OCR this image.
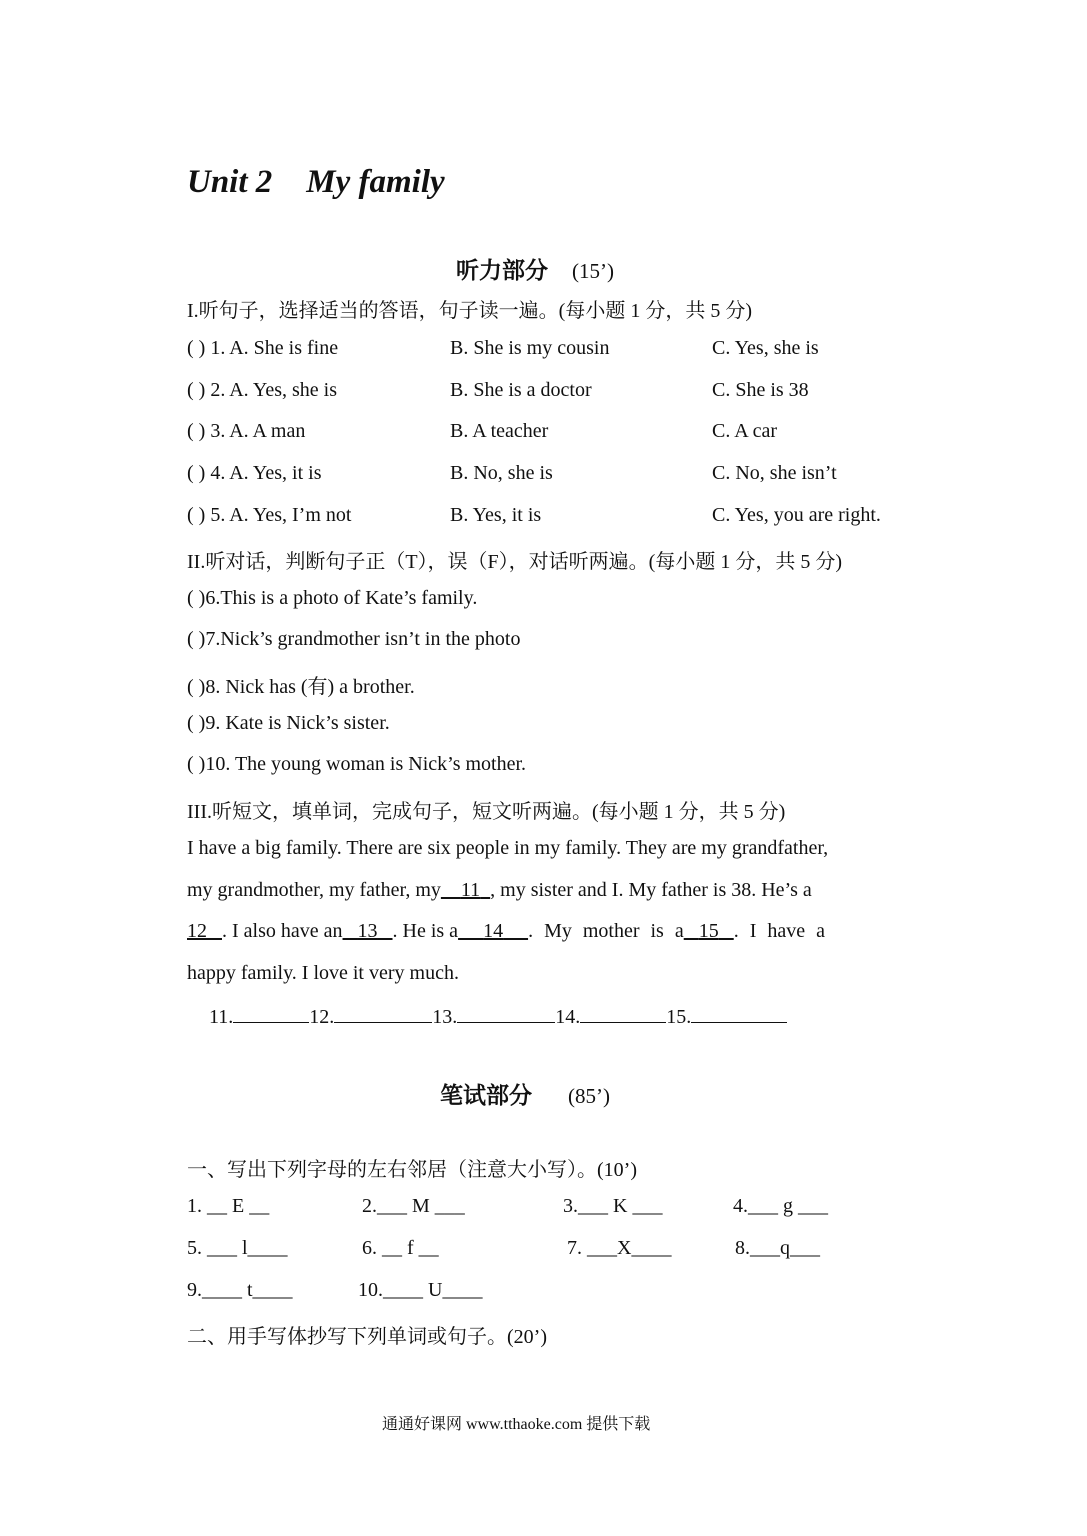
Unit 2 My family
听力部分 (15’)
I.听句子，选择适当的答语，句子读一遍。(每小题 1 分，共 5 分)
( ) 1. A. She is fine	B. She is my cousin	C. Yes, she is
( ) 2. A. Yes, she is	B. She is a doctor	C. She is 38
( ) 3. A. A man	B. A teacher	C. A car
( ) 4. A. Yes, it is	B. No, she is	C. No, she isn’t
( ) 5. A. Yes, I’m not	B. Yes, it is	C. Yes, you are right.
II.听对话，判断句子正（T），误（F），对话听两遍。(每小题 1 分，共 5 分)
( )6.This is a photo of Kate’s family.
( )7.Nick’s grandmother isn’t in the photo
( )8. Nick has (有) a brother.
( )9. Kate is Nick’s sister.
( )10. The young woman is Nick’s mother.
III.听短文，填单词，完成句子，短文听两遍。(每小题 1 分，共 5 分)
I have a big family. There are six people in my family. They are my grandfather,
my grandmother, my father, my 11 , my sister and I. My father is 38. He’s a
12 . I also have an 13 . He is a 14 . My mother is a 15 . I have a
happy family. I love it very much.
11.	12.	13.	14.	15.
笔试部分 (85’)
一、写出下列字母的左右邻居（注意大小写）。(10’)
1. __ E __	2.___ M ___	3.___ K ___	4.___ g ___
5. ___ l____	6. __ f __	7. ___X____	8.___q___
9.____ t____	10.____ U____
二、用手写体抄写下列单词或句子。(20’)
通通好课网 www.tthaoke.com 提供下载
